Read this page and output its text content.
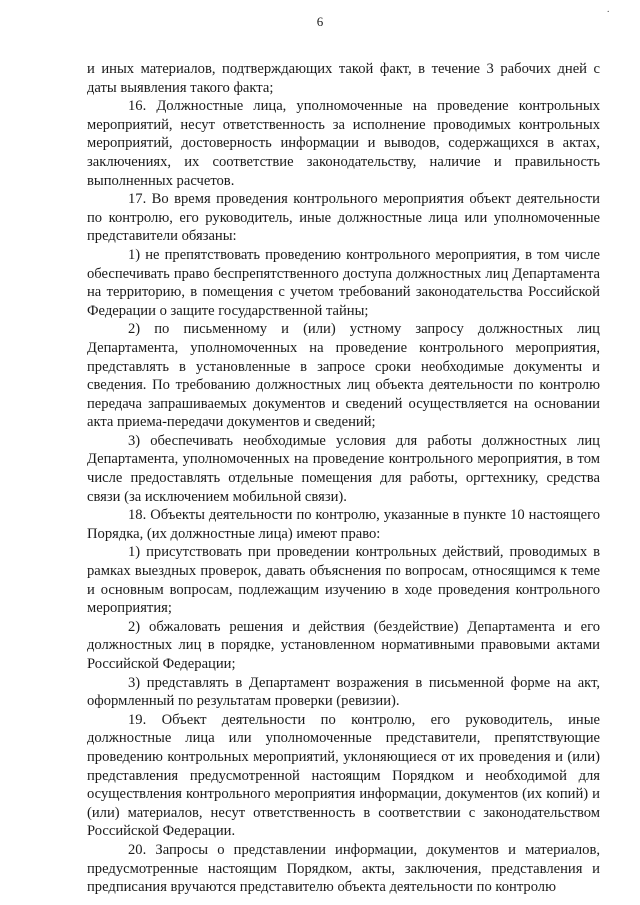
6
·

и иных материалов, подтверждающих такой факт, в течение 3 рабочих дней с даты выявления такого факта;

16. Должностные лица, уполномоченные на проведение контрольных мероприятий, несут ответственность за исполнение проводимых контрольных мероприятий, достоверность информации и выводов, содержащихся в актах, заключениях, их соответствие законодательству, наличие и правильность выполненных расчетов.

17. Во время проведения контрольного мероприятия объект деятельности по контролю, его руководитель, иные должностные лица или уполномоченные представители обязаны:

1) не препятствовать проведению контрольного мероприятия, в том числе обеспечивать право беспрепятственного доступа должностных лиц Департамента на территорию, в помещения с учетом требований законодательства Российской Федерации о защите государственной тайны;

2) по письменному и (или) устному запросу должностных лиц Департамента, уполномоченных на проведение контрольного мероприятия, представлять в установленные в запросе сроки необходимые документы и сведения. По требованию должностных лиц объекта деятельности по контролю передача запрашиваемых документов и сведений осуществляется на основании акта приема-передачи документов и сведений;

3) обеспечивать необходимые условия для работы должностных лиц Департамента, уполномоченных на проведение контрольного мероприятия, в том числе предоставлять отдельные помещения для работы, оргтехнику, средства связи (за исключением мобильной связи).

18. Объекты деятельности по контролю, указанные в пункте 10 настоящего Порядка, (их должностные лица) имеют право:

1) присутствовать при проведении контрольных действий, проводимых в рамках выездных проверок, давать объяснения по вопросам, относящимся к теме и основным вопросам, подлежащим изучению в ходе проведения контрольного мероприятия;

2) обжаловать решения и действия (бездействие) Департамента и его должностных лиц в порядке, установленном нормативными правовыми актами Российской Федерации;

3) представлять в Департамент возражения в письменной форме на акт, оформленный по результатам проверки (ревизии).

19. Объект деятельности по контролю, его руководитель, иные должностные лица или уполномоченные представители, препятствующие проведению контрольных мероприятий, уклоняющиеся от их проведения и (или) представления предусмотренной настоящим Порядком и необходимой для осуществления контрольного мероприятия информации, документов (их копий) и (или) материалов, несут ответственность в соответствии с законодательством Российской Федерации.

20. Запросы о представлении информации, документов и материалов, предусмотренные настоящим Порядком, акты, заключения, представления и предписания вручаются представителю объекта деятельности по контролю
